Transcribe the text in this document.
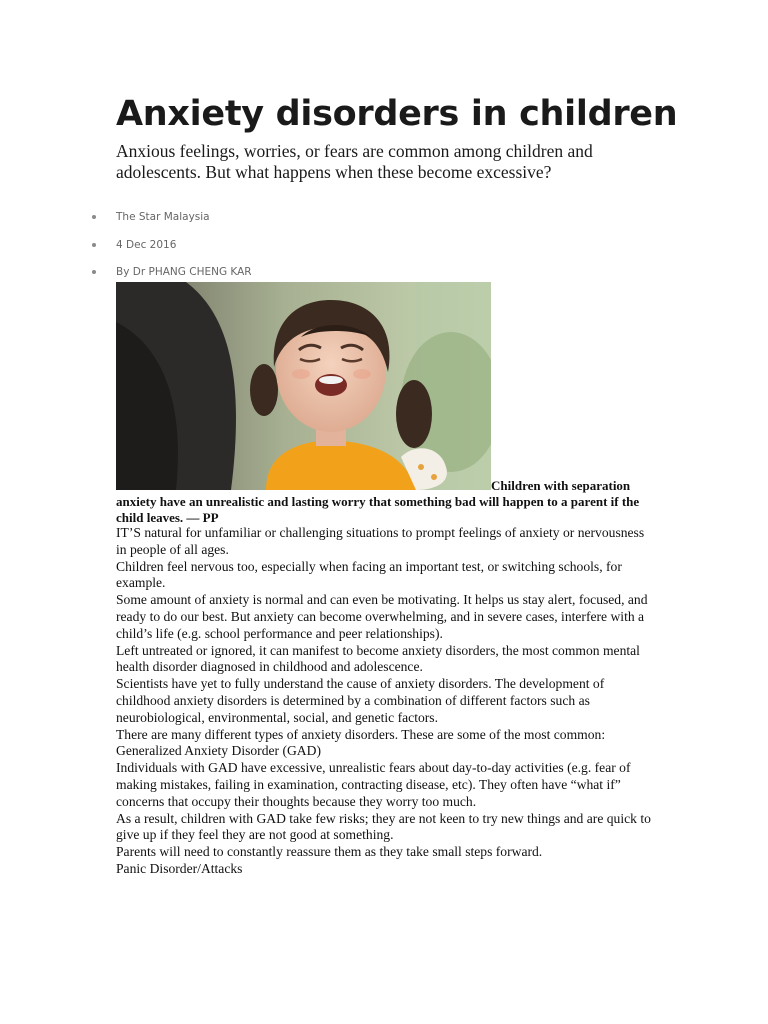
Anxiety disorders in children

Anxious feelings, worries, or fears are common among children and adolescents. But what happens when these become excessive?

The Star Malaysia
4 Dec 2016
By Dr PHANG CHENG KAR

Children with separation

anxiety have an unrealistic and lasting worry that something bad will happen to a parent if the child leaves. — PP

IT’S natural for unfamiliar or challenging situations to prompt feelings of anxiety or nervousness in people of all ages.

Children feel nervous too, especially when facing an important test, or switching schools, for example.

Some amount of anxiety is normal and can even be motivating. It helps us stay alert, focused, and ready to do our best. But anxiety can become overwhelming, and in severe cases, interfere with a child’s life (e.g. school performance and peer relationships).

Left untreated or ignored, it can manifest to become anxiety disorders, the most common mental health disorder diagnosed in childhood and adolescence.

Scientists have yet to fully understand the cause of anxiety disorders. The development of childhood anxiety disorders is determined by a combination of different factors such as neurobiological, environmental, social, and genetic factors.

There are many different types of anxiety disorders. These are some of the most common:

Generalized Anxiety Disorder (GAD)

Individuals with GAD have excessive, unrealistic fears about day-to-day activities (e.g. fear of making mistakes, failing in examination, contracting disease, etc). They often have “what if” concerns that occupy their thoughts because they worry too much.

As a result, children with GAD take few risks; they are not keen to try new things and are quick to give up if they feel they are not good at something.

Parents will need to constantly reassure them as they take small steps forward.

Panic Disorder/Attacks
